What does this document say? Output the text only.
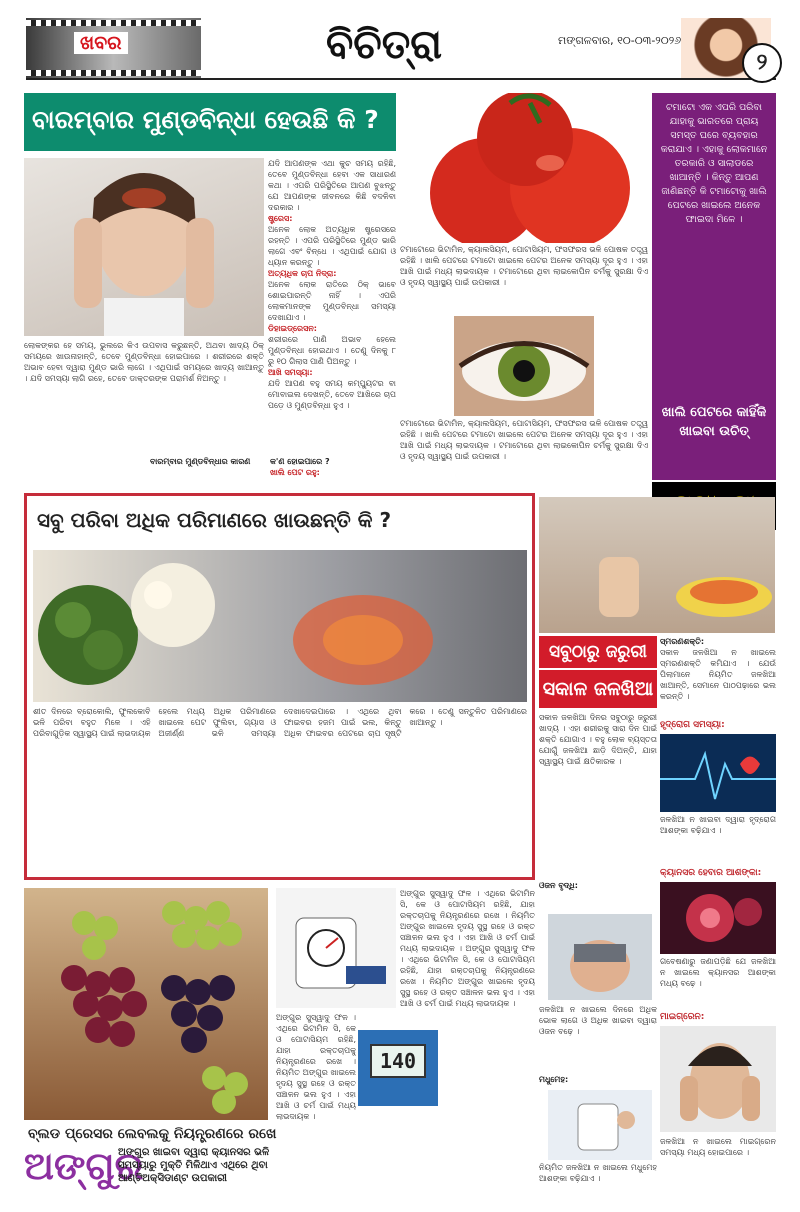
ଖବର	ବିଚିତ୍ରା	ମଙ୍ଗଳବାର, ୧୦-୦୩-୨୦୨୬
୨
ବାରମ୍ବାର ମୁଣ୍ଡବିନ୍ଧା ହେଉଛି କି ?
ଯଦି ଆପଣଙ୍କ ଏଥା କୁଚ ସମୟ ରହିଛି, ତେବେ ମୁଣ୍ଡବିନ୍ଧା ହେବା ଏକ ସାଧାରଣ କଥା । ଏପରି ପରିସ୍ଥିତିରେ ଆପଣ ବୁଝନ୍ତୁ ଯେ ଆପଣଙ୍କ ଜୀବନରେ କିଛି ବଦଳିବା ଦରକାର ।
ଷ୍ଟ୍ରେସ:
ଅନେକ ଲୋକ ଅତ୍ୟଧିକ ଷ୍ଟ୍ରେସରେ ରହନ୍ତି । ଏପରି ପରିସ୍ଥିତିରେ ମୁଣ୍ଡ ଭାରି ଲାଗେ ଏବଂ ବିନ୍ଧେ । ଏଥିପାଇଁ ଯୋଗ ଓ ଧ୍ୟାନ କରନ୍ତୁ ।
ଅତ୍ୟଧିକ ଚାପ ନିଦ୍ରା:
ଅନେକ ଲୋକ ରାତିରେ ଠିକ୍ ଭାବେ ଶୋଇପାରନ୍ତି ନାହିଁ । ଏପରି ଲୋକମାନଙ୍କ ମୁଣ୍ଡବିନ୍ଧା ସମସ୍ୟା ଦେଖାଯାଏ ।
ଡିହାଇଡ୍ରେସନ:
ଶରୀରରେ ପାଣି ଅଭାବ ହେଲେ ମୁଣ୍ଡବିନ୍ଧା ହୋଇଥାଏ । ତେଣୁ ଦିନକୁ ୮ ରୁ ୧୦ ଗିଲାସ ପାଣି ପିଅନ୍ତୁ ।
ଆଖି ସମସ୍ୟା:
ଯଦି ଆପଣ ବହୁ ସମୟ କମ୍ପ୍ୟୁଟର ବା ମୋବାଇଲ ଦେଖନ୍ତି, ତେବେ ଆଖିରେ ଚାପ ପଡ଼େ ଓ ମୁଣ୍ଡବିନ୍ଧା ହୁଏ ।
ଲୋକଙ୍କର ହେ ସମୟ, ଭୁଲରେ କିଏ ଉପବାସ କରୁଛନ୍ତି, ଅଥବା ଖାଦ୍ୟ ଠିକ୍ ସମୟରେ ଖାଉନାହାନ୍ତି, ତେବେ ମୁଣ୍ଡବିନ୍ଧା ହୋଇପାରେ । ଶରୀରରେ ଶକ୍ତି ଅଭାବ ହେବା ଦ୍ୱାରା ମୁଣ୍ଡ ଭାରି ଲାଗେ । ଏଥିପାଇଁ ସମୟରେ ଖାଦ୍ୟ ଖାଆନ୍ତୁ । ଯଦି ସମସ୍ୟା ଲାଗି ରହେ, ତେବେ ଡାକ୍ତରଙ୍କ ପରାମର୍ଶ ନିଅନ୍ତୁ ।
ବାରମ୍ବାର ମୁଣ୍ଡବିନ୍ଧାର କାରଣ	କ'ଣ ହୋଇପାରେ ?
ଖାଲି ପେଟ ରହୁ:
ଟମାଟୋରେ ଭିଟାମିନ, କ୍ୟାଲସିୟମ, ପୋଟାସିୟମ, ଫସଫରସ ଭଳି ପୋଷକ ତତ୍ତ୍ୱ ରହିଛି । ଖାଲି ପେଟରେ ଟମାଟୋ ଖାଇଲେ ପେଟର ଅନେକ ସମସ୍ୟା ଦୂର ହୁଏ । ଏହା ଆଖି ପାଇଁ ମଧ୍ୟ ଲାଭଦାୟକ । ଟମାଟୋରେ ଥିବା ଲାଇକୋପିନ ଚର୍ମକୁ ସୁରକ୍ଷା ଦିଏ ଓ ହୃଦୟ ସ୍ୱାସ୍ଥ୍ୟ ପାଇଁ ଉପକାରୀ ।
ଟମାଟୋରେ ଭିଟାମିନ, କ୍ୟାଲସିୟମ, ପୋଟାସିୟମ, ଫସଫରସ ଭଳି ପୋଷକ ତତ୍ତ୍ୱ ରହିଛି । ଖାଲି ପେଟରେ ଟମାଟୋ ଖାଇଲେ ପେଟର ଅନେକ ସମସ୍ୟା ଦୂର ହୁଏ । ଏହା ଆଖି ପାଇଁ ମଧ୍ୟ ଲାଭଦାୟକ । ଟମାଟୋରେ ଥିବା ଲାଇକୋପିନ ଚର୍ମକୁ ସୁରକ୍ଷା ଦିଏ ଓ ହୃଦୟ ସ୍ୱାସ୍ଥ୍ୟ ପାଇଁ ଉପକାରୀ ।
ଟମାଟୋ ଏକ ଏପରି ପରିବା ଯାହାକୁ ଭାରତରେ ପ୍ରାୟ ସମସ୍ତ ଘରେ ବ୍ୟବହାର କରାଯାଏ । ଏହାକୁ ଲୋକମାନେ ତରକାରି ଓ ସାଲାଡରେ ଖାଆନ୍ତି । କିନ୍ତୁ ଆପଣ ଜାଣିଛନ୍ତି କି ଟମାଟୋକୁ ଖାଲି ପେଟରେ ଖାଇଲେ ଅନେକ ଫାଇଦା ମିଳେ ।
ଖାଲି ପେଟରେ କାହିଁକି ଖାଇବା ଉଚିତ୍
ସବୁ ପରିବା ଅଧିକ ପରିମାଣରେ ଖାଉଛନ୍ତି କି ?
ଶୀତ ଦିନରେ ବ୍ରୋକୋଲି, ଫୁଲକୋବି ଭଳି ପରିବା ବହୁତ ମିଳେ । ଏହି ପରିବାଗୁଡ଼ିକ ସ୍ୱାସ୍ଥ୍ୟ ପାଇଁ ଲାଭଦାୟକ ହେଲେ ମଧ୍ୟ ଅଧିକ ପରିମାଣରେ ଖାଇଲେ ପେଟ ଫୁଲିବା, ଗ୍ୟାସ ଓ ଅଜୀର୍ଣ୍ଣ ଭଳି ସମସ୍ୟା ଦେଖାଦେଇପାରେ । ଏଥିରେ ଥିବା ଫାଇବର ହଜମ ପାଇଁ ଭଲ, କିନ୍ତୁ ଅଧିକ ଫାଇବର ପେଟରେ ଚାପ ସୃଷ୍ଟି କରେ । ତେଣୁ ସନ୍ତୁଳିତ ପରିମାଣରେ ଖାଆନ୍ତୁ ।
ସବୁଠାରୁ ଜରୁରୀ
ସକାଳ ଜଳଖିଆ
ସ୍ମରଣଶକ୍ତି:
ସକାଳ ଜଳଖିଆ ନ ଖାଇଲେ ସ୍ମରଣଶକ୍ତି କମିଯାଏ । ଯେଉଁ ପିଲାମାନେ ନିୟମିତ ଜଳଖିଆ ଖାଆନ୍ତି, ସେମାନେ ପାଠପଢ଼ାରେ ଭଲ କରନ୍ତି ।
ସକାଳ ଜଳଖିଆ ଦିନର ସବୁଠାରୁ ଜରୁରୀ ଖାଦ୍ୟ । ଏହା ଶରୀରକୁ ସାରା ଦିନ ପାଇଁ ଶକ୍ତି ଯୋଗାଏ । ବହୁ ଲୋକ ବ୍ୟସ୍ତତା ଯୋଗୁଁ ଜଳଖିଆ ଛାଡ଼ି ଦିଅନ୍ତି, ଯାହା ସ୍ୱାସ୍ଥ୍ୟ ପାଇଁ କ୍ଷତିକାରକ ।
ହୃଦ୍‌ରୋଗ ସମସ୍ୟା:
ଜଳଖିଆ ନ ଖାଇବା ଦ୍ୱାରା ହୃଦ୍‌ରୋଗ ଆଶଙ୍କା ବଢ଼ିଯାଏ ।
କ୍ୟାନସର ହେବାର ଆଶଙ୍କା:
ଗବେଷଣାରୁ ଜଣାପଡ଼ିଛି ଯେ ଜଳଖିଆ ନ ଖାଇଲେ କ୍ୟାନସର ଆଶଙ୍କା ମଧ୍ୟ ବଢ଼େ ।
ମାଇଗ୍ରେନ:
ଜଳଖିଆ ନ ଖାଇଲେ ମାଇଗ୍ରେନ ସମସ୍ୟା ମଧ୍ୟ ହୋଇପାରେ ।
ଓଜନ ବୃଦ୍ଧି:
ଜଳଖିଆ ନ ଖାଇଲେ ଦିନରେ ଅଧିକ ଭୋକ ଲାଗେ ଓ ଅଧିକ ଖାଇବା ଦ୍ୱାରା ଓଜନ ବଢ଼େ ।
ମଧୁମେହ:
ନିୟମିତ ଜଳଖିଆ ନ ଖାଇଲେ ମଧୁମେହ ଆଶଙ୍କା ବଢ଼ିଯାଏ ।
ବ୍ଲଡ ପ୍ରେସର ଲେବଲକୁ ନିୟନ୍ତ୍ରଣରେ ରଖେ
ଅଙ୍ଗୁର
ଅଙ୍ଗୁର ଖାଇବା ଦ୍ୱାରା କ୍ୟାନସର ଭଳି ସମସ୍ୟାରୁ ମୁକ୍ତି ମିଳିଥାଏ ଏଥିରେ ଥିବା ଆଣ୍ଟିଅକ୍ସିଡାଣ୍ଟ ଉପକାରୀ
140
ଅଙ୍ଗୁର ସୁସ୍ୱାଦୁ ଫଳ । ଏଥିରେ ଭିଟାମିନ ସି, କେ ଓ ପୋଟାସିୟମ ରହିଛି, ଯାହା ରକ୍ତଚାପକୁ ନିୟନ୍ତ୍ରଣରେ ରଖେ । ନିୟମିତ ଅଙ୍ଗୁର ଖାଇଲେ ହୃଦୟ ସୁସ୍ଥ ରହେ ଓ ରକ୍ତ ସଞ୍ଚାଳନ ଭଲ ହୁଏ । ଏହା ଆଖି ଓ ଚର୍ମ ପାଇଁ ମଧ୍ୟ ଲାଭଦାୟକ ।
ଅଙ୍ଗୁର ସୁସ୍ୱାଦୁ ଫଳ । ଏଥିରେ ଭିଟାମିନ ସି, କେ ଓ ପୋଟାସିୟମ ରହିଛି, ଯାହା ରକ୍ତଚାପକୁ ନିୟନ୍ତ୍ରଣରେ ରଖେ । ନିୟମିତ ଅଙ୍ଗୁର ଖାଇଲେ ହୃଦୟ ସୁସ୍ଥ ରହେ ଓ ରକ୍ତ ସଞ୍ଚାଳନ ଭଲ ହୁଏ । ଏହା ଆଖି ଓ ଚର୍ମ ପାଇଁ ମଧ୍ୟ ଲାଭଦାୟକ । ଅଙ୍ଗୁର ସୁସ୍ୱାଦୁ ଫଳ । ଏଥିରେ ଭିଟାମିନ ସି, କେ ଓ ପୋଟାସିୟମ ରହିଛି, ଯାହା ରକ୍ତଚାପକୁ ନିୟନ୍ତ୍ରଣରେ ରଖେ । ନିୟମିତ ଅଙ୍ଗୁର ଖାଇଲେ ହୃଦୟ ସୁସ୍ଥ ରହେ ଓ ରକ୍ତ ସଞ୍ଚାଳନ ଭଲ ହୁଏ । ଏହା ଆଖି ଓ ଚର୍ମ ପାଇଁ ମଧ୍ୟ ଲାଭଦାୟକ ।
